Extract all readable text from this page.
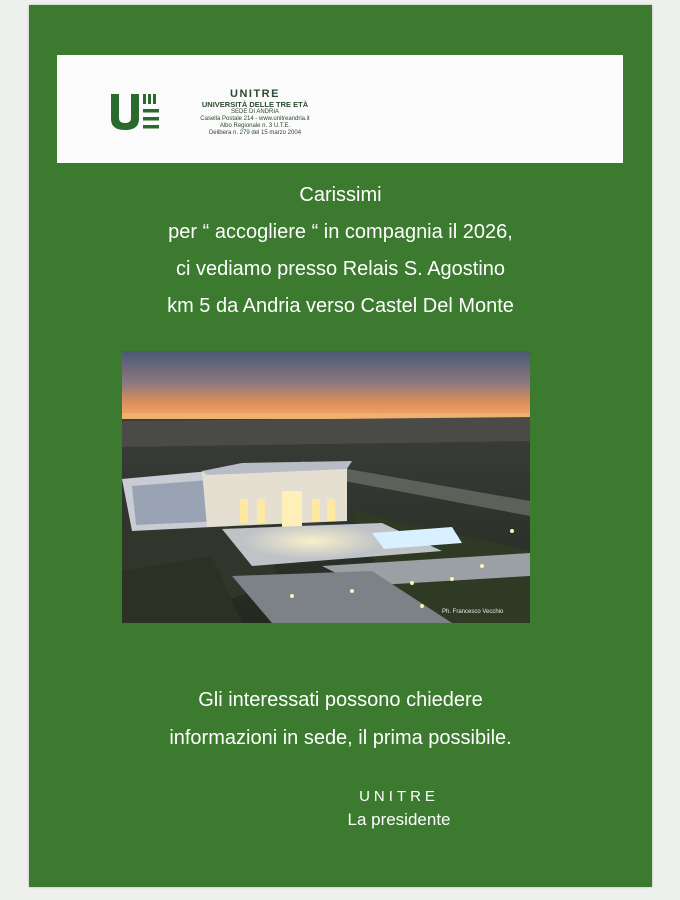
UNITRE
UNIVERSITÀ DELLE TRE ETÀ
SEDE DI ANDRIA
Casella Postale 214 - www.unitreandria.it
Albo Regionale n. 3 U.T.E.
Delibera n. 279 del 15 marzo 2004
Carissimi
per “ accogliere “ in compagnia il 2026,
ci vediamo presso Relais S. Agostino
km 5 da Andria verso Castel Del Monte
Ph. Francesco Vecchio
Gli interessati possono chiedere
informazioni in sede, il prima possibile.
UNITRE
La presidente
